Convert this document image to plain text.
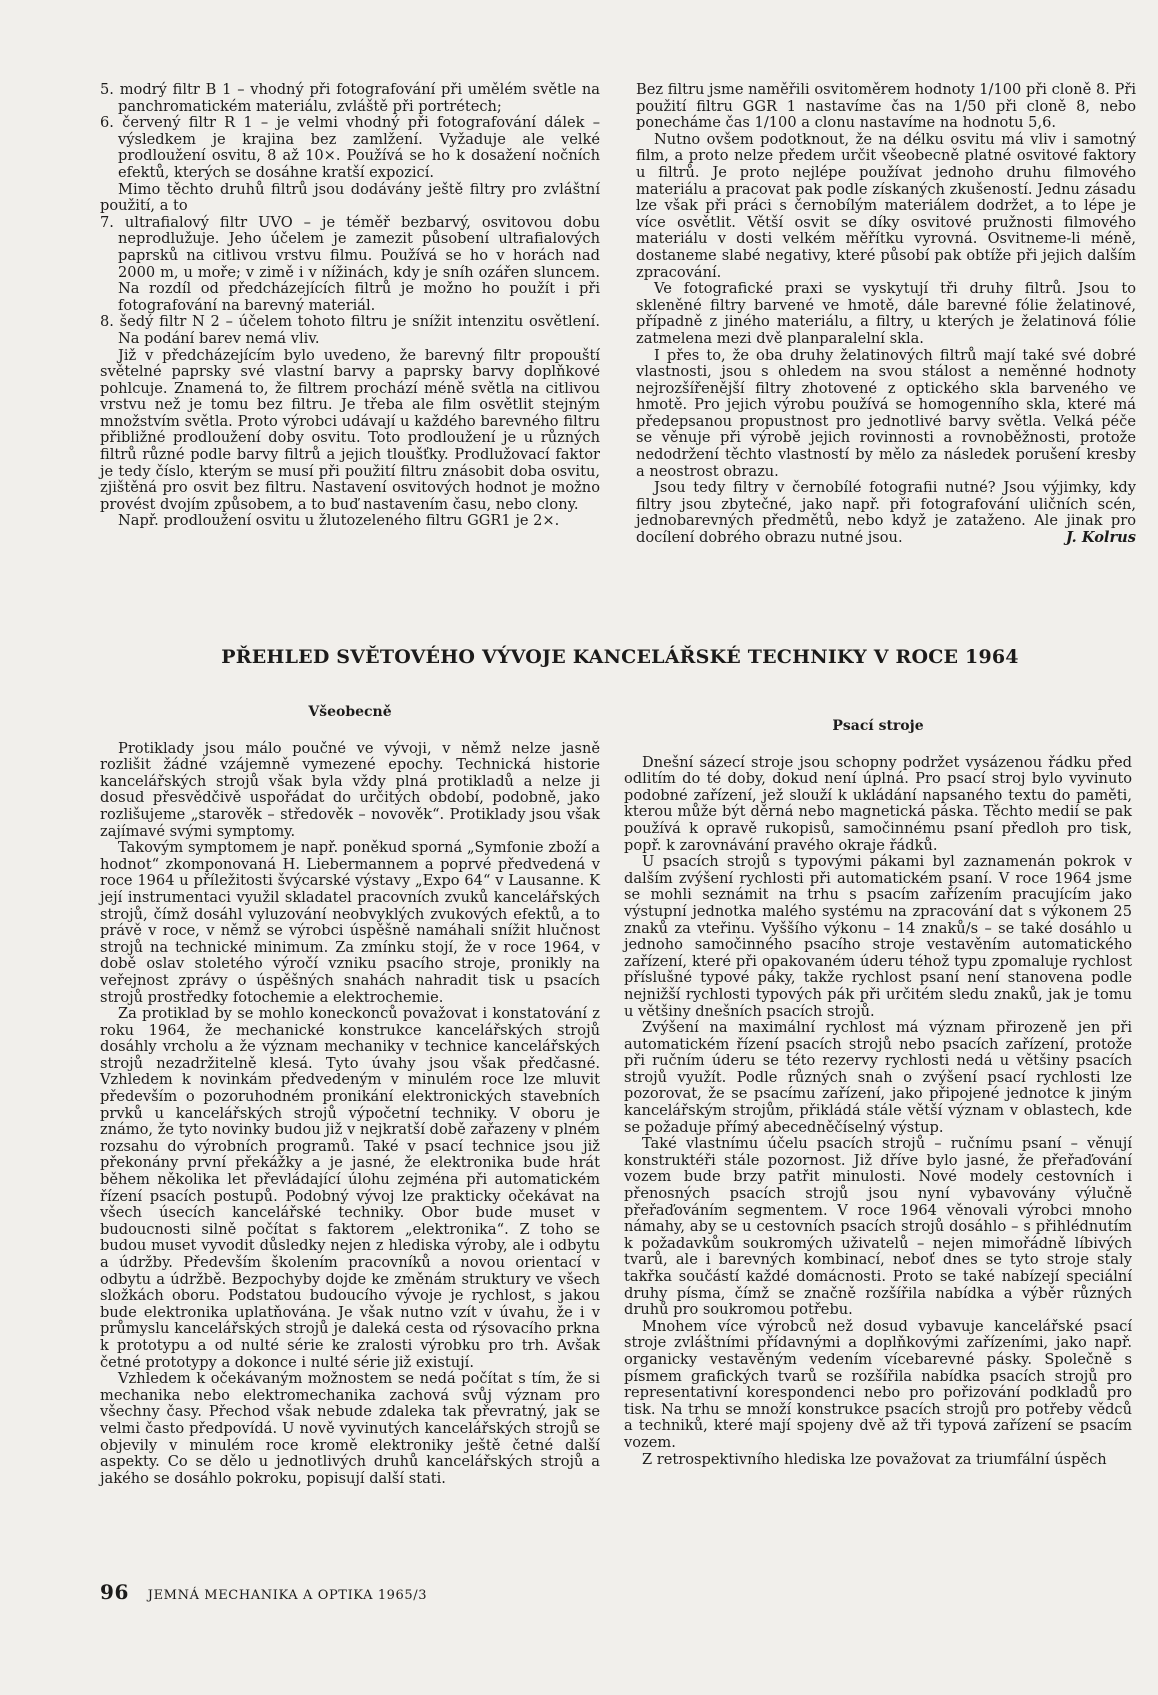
5. modrý filtr B 1 – vhodný při fotografování při umělém světle na panchromatickém materiálu, zvláště při portrétech;

6. červený filtr R 1 – je velmi vhodný při fotografování dálek – výsledkem je krajina bez zamlžení. Vyžaduje ale velké prodloužení osvitu, 8 až 10×. Používá se ho k dosažení nočních efektů, kterých se dosáhne kratší expozicí.

Mimo těchto druhů filtrů jsou dodávány ještě filtry pro zvláštní použití, a to

7. ultrafialový filtr UVO – je téměř bezbarvý, osvitovou dobu neprodlužuje. Jeho účelem je zamezit působení ultrafialových paprsků na citlivou vrstvu filmu. Používá se ho v horách nad 2000 m, u moře; v zimě i v nížinách, kdy je sníh ozářen sluncem. Na rozdíl od předcházejících filtrů je možno ho použít i při fotografování na barevný materiál.

8. šedý filtr N 2 – účelem tohoto filtru je snížit intenzitu osvětlení. Na podání barev nemá vliv.

Již v předcházejícím bylo uvedeno, že barevný filtr propouští světelné paprsky své vlastní barvy a paprsky barvy doplňkové pohlcuje. Znamená to, že filtrem prochází méně světla na citlivou vrstvu než je tomu bez filtru. Je třeba ale film osvětlit stejným množstvím světla. Proto výrobci udávají u každého barevného filtru přibližné prodloužení doby osvitu. Toto prodloužení je u různých filtrů různé podle barvy filtrů a jejich tloušťky. Prodlužovací faktor je tedy číslo, kterým se musí při použití filtru znásobit doba osvitu, zjištěná pro osvit bez filtru. Nastavení osvitových hodnot je možno provést dvojím způsobem, a to buď nastavením času, nebo clony.

Např. prodloužení osvitu u žlutozeleného filtru GGR1 je 2×.

Bez filtru jsme naměřili osvitoměrem hodnoty 1/100 při cloně 8. Při použití filtru GGR 1 nastavíme čas na 1/50 při cloně 8, nebo ponecháme čas 1/100 a clonu nastavíme na hodnotu 5,6.

Nutno ovšem podotknout, že na délku osvitu má vliv i samotný film, a proto nelze předem určit všeobecně platné osvitové faktory u filtrů. Je proto nejlépe používat jednoho druhu filmového materiálu a pracovat pak podle získaných zkušeností. Jednu zásadu lze však při práci s černobílým materiálem dodržet, a to lépe je více osvětlit. Větší osvit se díky osvitové pružnosti filmového materiálu v dosti velkém měřítku vyrovná. Osvitneme-li méně, dostaneme slabé negativy, které působí pak obtíže při jejich dalším zpracování.

Ve fotografické praxi se vyskytují tři druhy filtrů. Jsou to skleněné filtry barvené ve hmotě, dále barevné fólie želatinové, případně z jiného materiálu, a filtry, u kterých je želatinová fólie zatmelena mezi dvě planparalelní skla.

I přes to, že oba druhy želatinových filtrů mají také své dobré vlastnosti, jsou s ohledem na svou stálost a neměnné hodnoty nejrozšířenější filtry zhotovené z optického skla barveného ve hmotě. Pro jejich výrobu používá se homogenního skla, které má předepsanou propustnost pro jednotlivé barvy světla. Velká péče se věnuje při výrobě jejich rovinnosti a rovnoběžnosti, protože nedodržení těchto vlastností by mělo za následek porušení kresby a neostrost obrazu.

Jsou tedy filtry v černobílé fotografii nutné? Jsou výjimky, kdy filtry jsou zbytečné, jako např. při fotografování uličních scén, jednobarevných předmětů, nebo když je zataženo. Ale jinak pro docílení dobrého obrazu nutné jsou.	J. Kolrus

PŘEHLED SVĚTOVÉHO VÝVOJE KANCELÁŘSKÉ TECHNIKY V ROCE 1964

Všeobecně

Protiklady jsou málo poučné ve vývoji, v němž nelze jasně rozlišit žádné vzájemně vymezené epochy. Technická historie kancelářských strojů však byla vždy plná protikladů a nelze ji dosud přesvědčivě uspořádat do určitých období, podobně, jako rozlišujeme „starověk – středověk – novověk“. Protiklady jsou však zajímavé svými symptomy.

Takovým symptomem je např. poněkud sporná „Symfonie zboží a hodnot“ zkomponovaná H. Liebermannem a poprvé předvedená v roce 1964 u příležitosti švýcarské výstavy „Expo 64“ v Lausanne. K její instrumentaci využil skladatel pracovních zvuků kancelářských strojů, čímž dosáhl vyluzování neobvyklých zvukových efektů, a to právě v roce, v němž se výrobci úspěšně namáhali snížit hlučnost strojů na technické minimum. Za zmínku stojí, že v roce 1964, v době oslav stoletého výročí vzniku psacího stroje, pronikly na veřejnost zprávy o úspěšných snahách nahradit tisk u psacích strojů prostředky fotochemie a elektrochemie.

Za protiklad by se mohlo koneckonců považovat i konstatování z roku 1964, že mechanické konstrukce kancelářských strojů dosáhly vrcholu a že význam mechaniky v technice kancelářských strojů nezadržitelně klesá. Tyto úvahy jsou však předčasné. Vzhledem k novinkám předvedeným v minulém roce lze mluvit především o pozoruhodném pronikání elektronických stavebních prvků u kancelářských strojů výpočetní techniky. V oboru je známo, že tyto novinky budou již v nejkratší době zařazeny v plném rozsahu do výrobních programů. Také v psací technice jsou již překonány první překážky a je jasné, že elektronika bude hrát během několika let převládající úlohu zejména při automatickém řízení psacích postupů. Podobný vývoj lze prakticky očekávat na všech úsecích kancelářské techniky. Obor bude muset v budoucnosti silně počítat s faktorem „elektronika“. Z toho se budou muset vyvodit důsledky nejen z hlediska výroby, ale i odbytu a údržby. Především školením pracovníků a novou orientací v odbytu a údržbě. Bezpochyby dojde ke změnám struktury ve všech složkách oboru. Podstatou budoucího vývoje je rychlost, s jakou bude elektronika uplatňována. Je však nutno vzít v úvahu, že i v průmyslu kancelářských strojů je daleká cesta od rýsovacího prkna k prototypu a od nulté série ke zralosti výrobku pro trh. Avšak četné prototypy a dokonce i nulté série již existují.

Vzhledem k očekávaným možnostem se nedá počítat s tím, že si mechanika nebo elektromechanika zachová svůj význam pro všechny časy. Přechod však nebude zdaleka tak převratný, jak se velmi často předpovídá. U nově vyvinutých kancelářských strojů se objevily v minulém roce kromě elektroniky ještě četné další aspekty. Co se dělo u jednotlivých druhů kancelářských strojů a jakého se dosáhlo pokroku, popisují další stati.

Psací stroje

Dnešní sázecí stroje jsou schopny podržet vysázenou řádku před odlitím do té doby, dokud není úplná. Pro psací stroj bylo vyvinuto podobné zařízení, jež slouží k ukládání napsaného textu do paměti, kterou může být děrná nebo magnetická páska. Těchto medií se pak používá k opravě rukopisů, samočinnému psaní předloh pro tisk, popř. k zarovnávání pravého okraje řádků.

U psacích strojů s typovými pákami byl zaznamenán pokrok v dalším zvýšení rychlosti při automatickém psaní. V roce 1964 jsme se mohli seznámit na trhu s psacím zařízením pracujícím jako výstupní jednotka malého systému na zpracování dat s výkonem 25 znaků za vteřinu. Vyššího výkonu – 14 znaků/s – se také dosáhlo u jednoho samočinného psacího stroje vestavěním automatického zařízení, které při opakovaném úderu téhož typu zpomaluje rychlost příslušné typové páky, takže rychlost psaní není stanovena podle nejnižší rychlosti typových pák při určitém sledu znaků, jak je tomu u většiny dnešních psacích strojů.

Zvýšení na maximální rychlost má význam přirozeně jen při automatickém řízení psacích strojů nebo psacích zařízení, protože při ručním úderu se této rezervy rychlosti nedá u většiny psacích strojů využít. Podle různých snah o zvýšení psací rychlosti lze pozorovat, že se psacímu zařízení, jako připojené jednotce k jiným kancelářským strojům, přikládá stále větší význam v oblastech, kde se požaduje přímý abecedněčíselný výstup.

Také vlastnímu účelu psacích strojů – ručnímu psaní – věnují konstruktéři stále pozornost. Již dříve bylo jasné, že přeřaďování vozem bude brzy patřit minulosti. Nové modely cestovních i přenosných psacích strojů jsou nyní vybavovány výlučně přeřaďováním segmentem. V roce 1964 věnovali výrobci mnoho námahy, aby se u cestovních psacích strojů dosáhlo – s přihlédnutím k požadavkům soukromých uživatelů – nejen mimořádně líbivých tvarů, ale i barevných kombinací, neboť dnes se tyto stroje staly takřka součástí každé domácnosti. Proto se také nabízejí speciální druhy písma, čímž se značně rozšířila nabídka a výběr různých druhů pro soukromou potřebu.

Mnohem více výrobců než dosud vybavuje kancelářské psací stroje zvláštními přídavnými a doplňkovými zařízeními, jako např. organicky vestavěným vedením vícebarevné pásky. Společně s písmem grafických tvarů se rozšířila nabídka psacích strojů pro representativní korespondenci nebo pro pořizování podkladů pro tisk. Na trhu se množí konstrukce psacích strojů pro potřeby vědců a techniků, které mají spojeny dvě až tři typová zařízení se psacím vozem.

Z retrospektivního hlediska lze považovat za triumfální úspěch

96 JEMNÁ MECHANIKA A OPTIKA 1965/3
